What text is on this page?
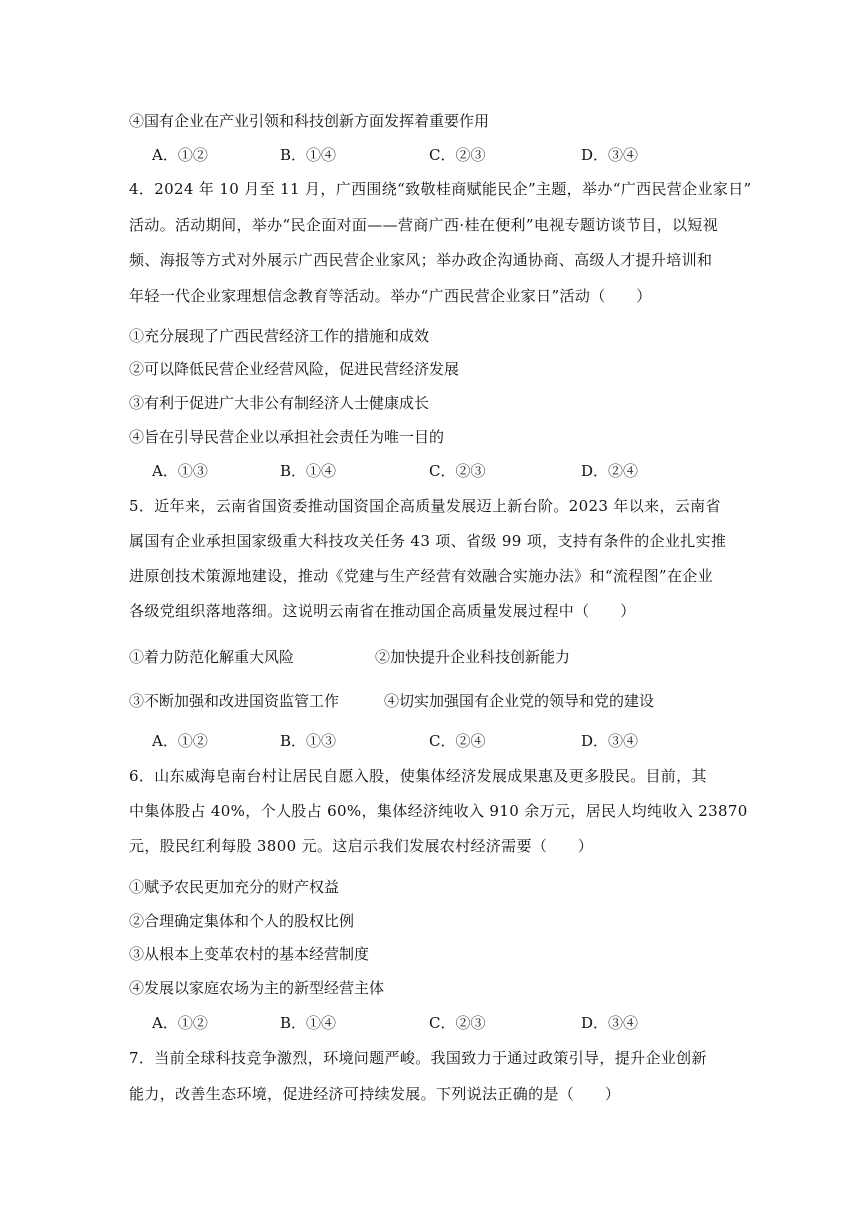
④国有企业在产业引领和科技创新方面发挥着重要作用
A．①②	B．①④	C．②③	D．③④
4．2024 年 10 月至 11 月，广西围绕“致敬桂商赋能民企”主题，举办“广西民营企业家日”
活动。活动期间，举办“民企面对面——营商广西·桂在便利”电视专题访谈节目，以短视
频、海报等方式对外展示广西民营企业家风；举办政企沟通协商、高级人才提升培训和
年轻一代企业家理想信念教育等活动。举办“广西民营企业家日”活动（　　）
①充分展现了广西民营经济工作的措施和成效
②可以降低民营企业经营风险，促进民营经济发展
③有利于促进广大非公有制经济人士健康成长
④旨在引导民营企业以承担社会责任为唯一目的
A．①③	B．①④	C．②③	D．②④
5．近年来，云南省国资委推动国资国企高质量发展迈上新台阶。2023 年以来，云南省
属国有企业承担国家级重大科技攻关任务 43 项、省级 99 项，支持有条件的企业扎实推
进原创技术策源地建设，推动《党建与生产经营有效融合实施办法》和“流程图”在企业
各级党组织落地落细。这说明云南省在推动国企高质量发展过程中（　　）
①着力防范化解重大风险	②加快提升企业科技创新能力
③不断加强和改进国资监管工作	④切实加强国有企业党的领导和党的建设
A．①②	B．①③	C．②④	D．③④
6．山东威海皂南台村让居民自愿入股，使集体经济发展成果惠及更多股民。目前，其
中集体股占 40%，个人股占 60%，集体经济纯收入 910 余万元，居民人均纯收入 23870
元，股民红利每股 3800 元。这启示我们发展农村经济需要（　　）
①赋予农民更加充分的财产权益
②合理确定集体和个人的股权比例
③从根本上变革农村的基本经营制度
④发展以家庭农场为主的新型经营主体
A．①②	B．①④	C．②③	D．③④
7．当前全球科技竞争激烈，环境问题严峻。我国致力于通过政策引导，提升企业创新
能力，改善生态环境，促进经济可持续发展。下列说法正确的是（　　）
